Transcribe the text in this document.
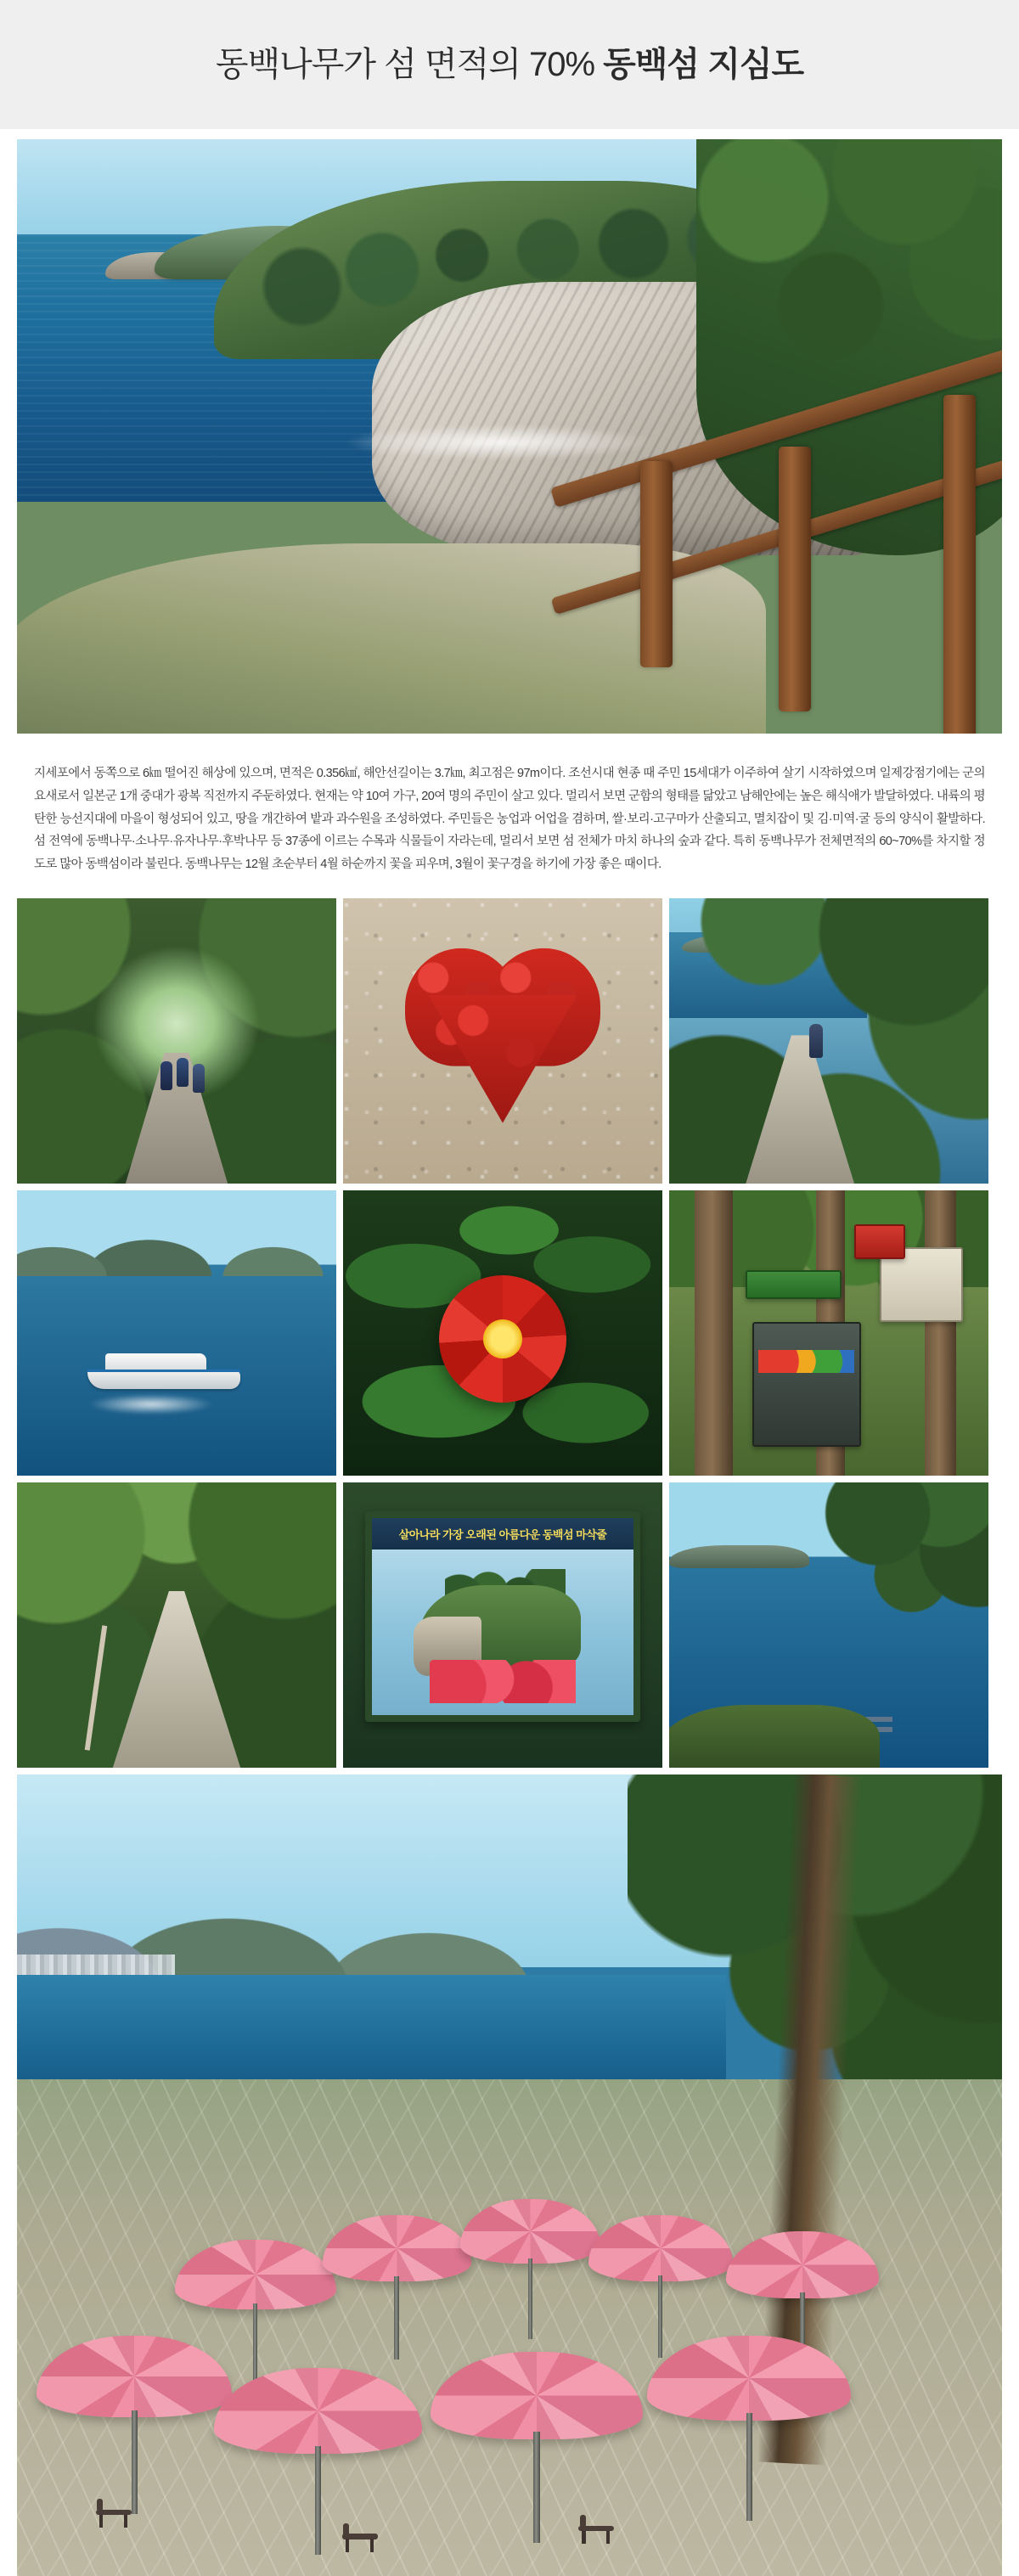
동백나무가 섬 면적의 70% 동백섬 지심도

지세포에서 동쪽으로 6㎞ 떨어진 해상에 있으며, 면적은 0.356㎢, 해안선길이는 3.7㎞, 최고점은 97m이다. 조선시대 현종 때 주민 15세대가 이주하여 살기 시작하였으며 일제강점기에는 군의 요새로서 일본군 1개 중대가 광복 직전까지 주둔하였다. 현재는 약 10여 가구, 20여 명의 주민이 살고 있다. 멀리서 보면 군함의 형태를 닮았고 남해안에는 높은 해식애가 발달하였다. 내륙의 평탄한 능선지대에 마을이 형성되어 있고, 땅을 개간하여 밭과 과수원을 조성하였다. 주민들은 농업과 어업을 겸하며, 쌀·보리·고구마가 산출되고, 멸치잡이 및 김·미역·굴 등의 양식이 활발하다. 섬 전역에 동백나무·소나무·유자나무·후박나무 등 37종에 이르는 수목과 식물들이 자라는데, 멀리서 보면 섬 전체가 마치 하나의 숲과 같다. 특히 동백나무가 전체면적의 60~70%를 차지할 정도로 많아 동백섬이라 불린다. 동백나무는 12월 초순부터 4월 하순까지 꽃을 피우며, 3월이 꽃구경을 하기에 가장 좋은 때이다.

살아나라 가장 오래된 아름다운 동백섬 마삭줄
